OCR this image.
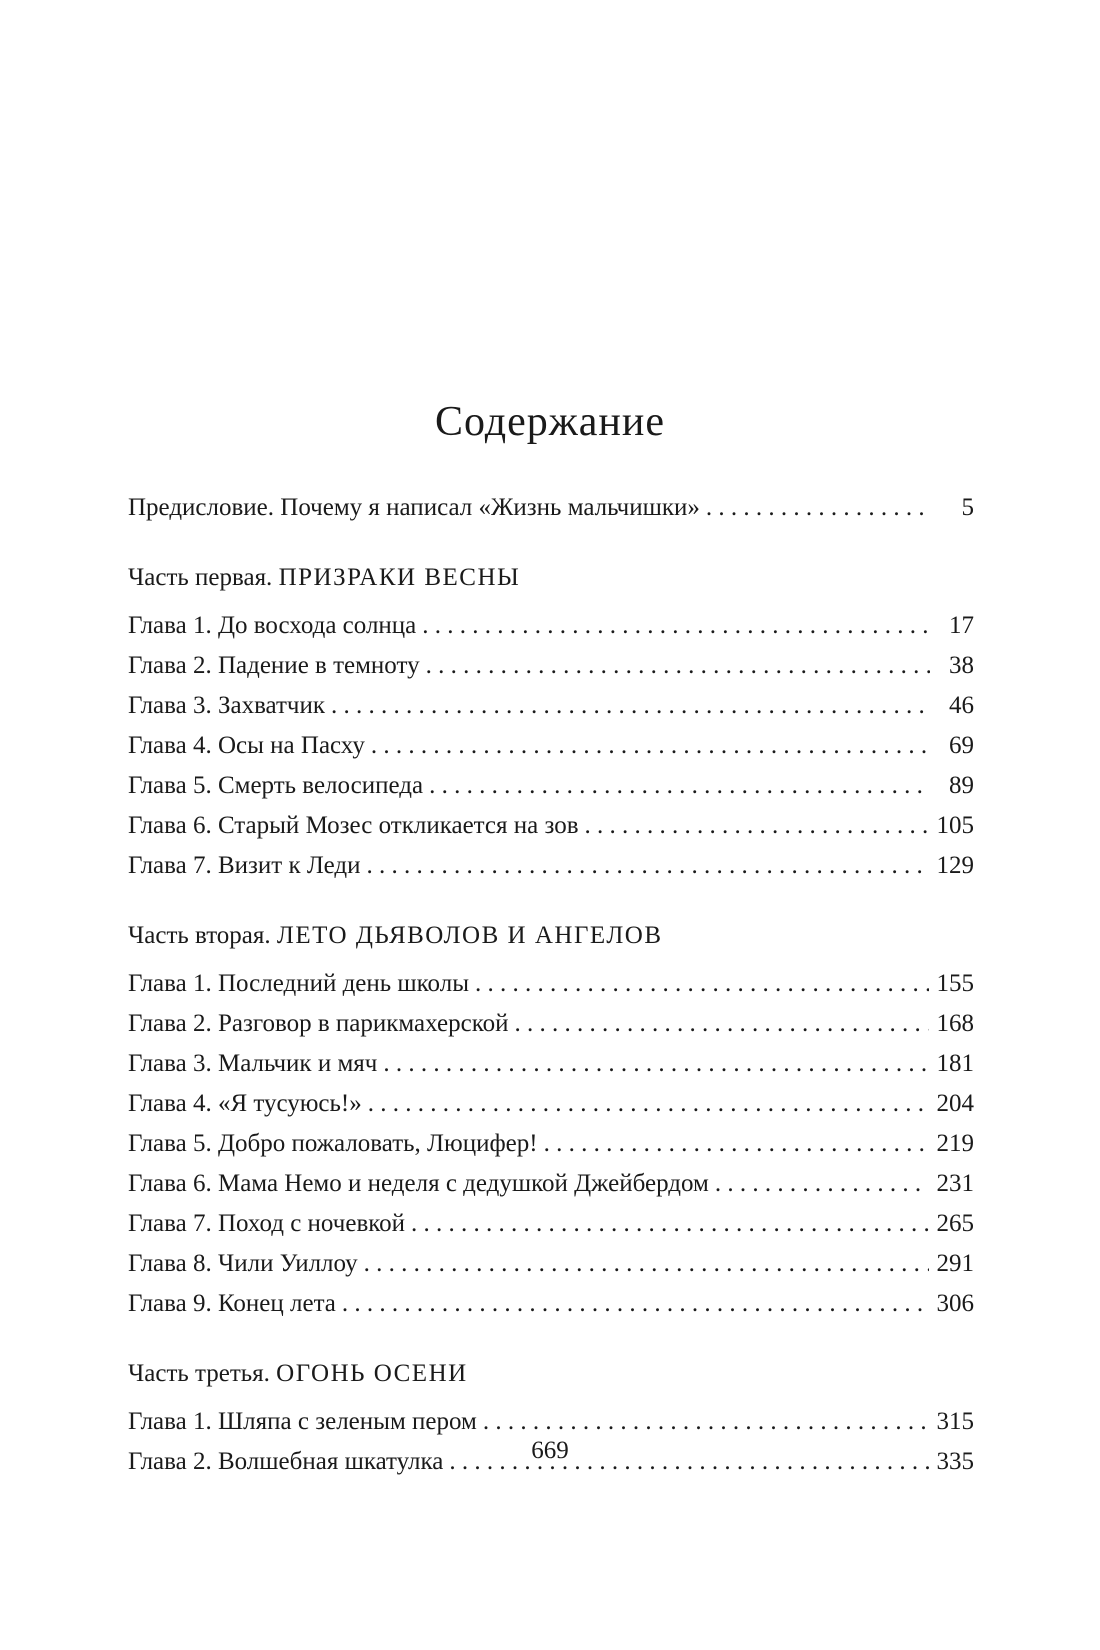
Содержание
Предисловие. Почему я написал «Жизнь мальчишки» . . .	5
Часть первая. ПРИЗРАКИ ВЕСНЫ
Глава 1. До восхода солнца . . .	17
Глава 2. Падение в темноту . . .	38
Глава 3. Захватчик . . .	46
Глава 4. Осы на Пасху . . .	69
Глава 5. Смерть велосипеда . . .	89
Глава 6. Старый Мозес откликается на зов . . .	105
Глава 7. Визит к Леди . . .	129
Часть вторая. ЛЕТО ДЬЯВОЛОВ И АНГЕЛОВ
Глава 1. Последний день школы . . .	155
Глава 2. Разговор в парикмахерской . . .	168
Глава 3. Мальчик и мяч . . .	181
Глава 4. «Я тусуюсь!» . . .	204
Глава 5. Добро пожаловать, Люцифер! . . .	219
Глава 6. Мама Немо и неделя с дедушкой Джейбердом . . .	231
Глава 7. Поход с ночевкой . . .	265
Глава 8. Чили Уиллоу . . .	291
Глава 9. Конец лета . . .	306
Часть третья. ОГОНЬ ОСЕНИ
Глава 1. Шляпа с зеленым пером . . .	315
Глава 2. Волшебная шкатулка . . .	335
669
